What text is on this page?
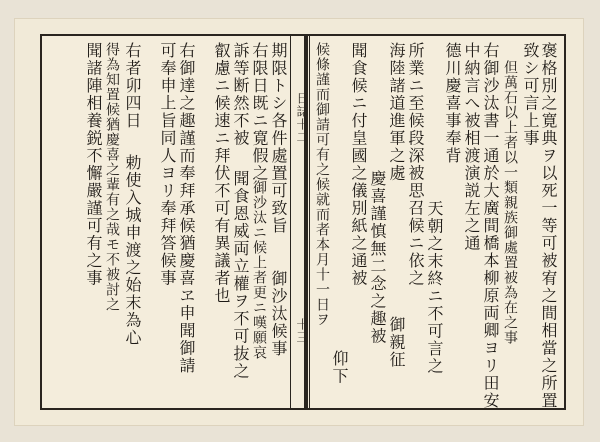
褒格別之寛典ヲ以死一等可被宥之間相當之所置
致シ可言上事
但萬石以上者以一類親族御處置被為在之事
右御沙汰書一通於大廣間橋本柳原両卿ヨリ田安
中納言へ被相渡演説左之通
德川慶喜事奉背
天朝之末終ニ不可言之
所業ニ至候段深被思召候ニ依之
御親征
海陸諸道進軍之處
慶喜謹慎無二念之趣被
聞食候ニ付皇國之儀別紙之通被
仰下
候條謹而御請可有之候就而者本月十一日ヲ
日誌十二
十三
期限トシ各件處置可致旨
御沙汰候事
右限日既ニ寛假之
御沙汰ニ候上者更ニ嘆願哀
訴等断然不被
聞食恩威両立權ヲ不可抜之
叡慮ニ候速ニ拜伏不可有異議者也
右御達之趣謹而奉拜承候猶慶喜ヱ申聞御請
可奉申上旨同人ヨリ奉拜答候事
右者卯四日
勅使入城申渡之始末為心
得為知置候猶慶喜之輩有之哉モ不被討之
聞諸陣相養鋭不懈嚴謹可有之事
